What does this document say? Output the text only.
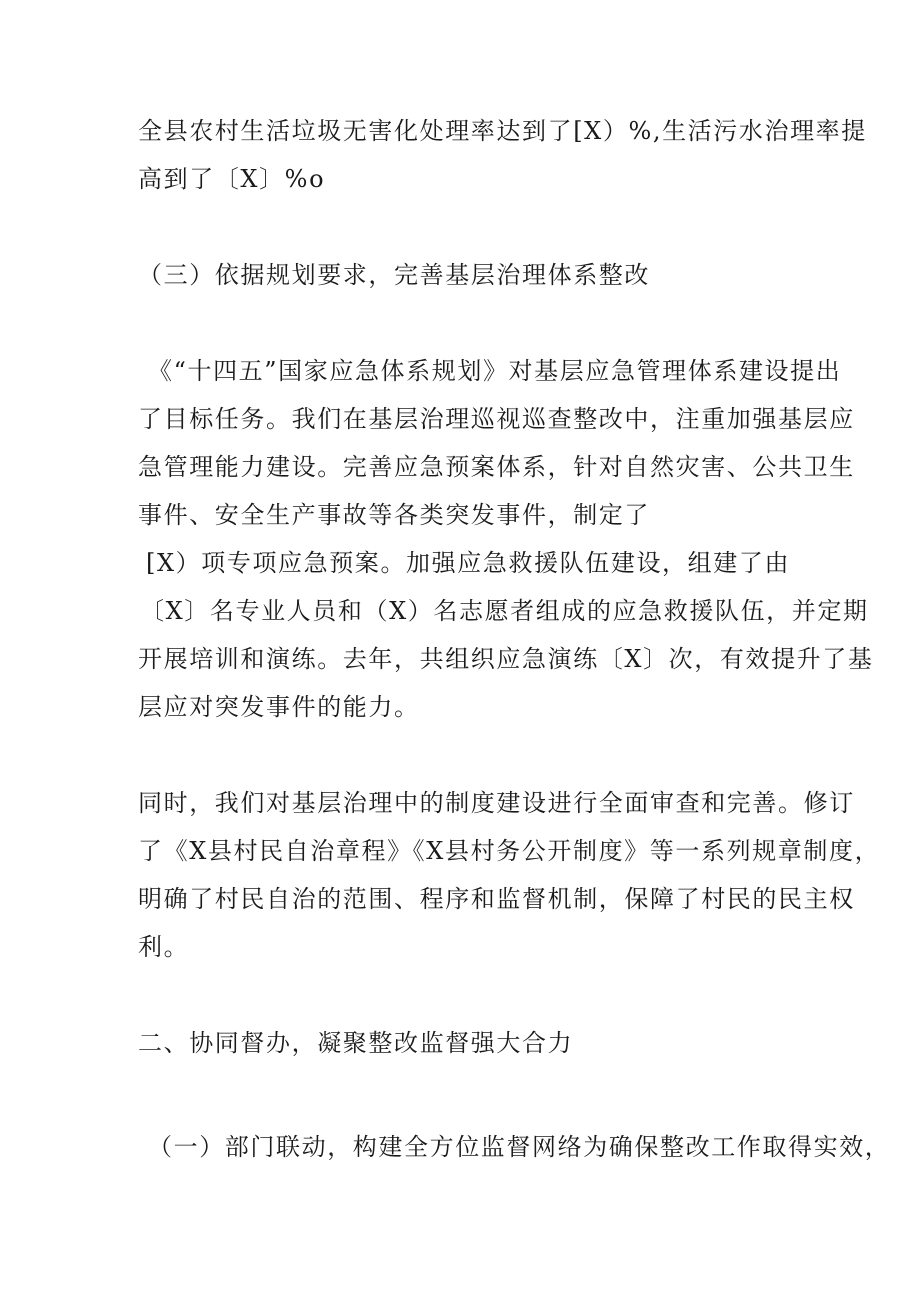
全县农村生活垃圾无害化处理率达到了[X）%,生活污水治理率提
高到了〔X〕%o
（三）依据规划要求，完善基层治理体系整改
《“十四五”国家应急体系规划》对基层应急管理体系建设提出
了目标任务。我们在基层治理巡视巡查整改中，注重加强基层应
急管理能力建设。完善应急预案体系，针对自然灾害、公共卫生
事件、安全生产事故等各类突发事件，制定了
[X）项专项应急预案。加强应急救援队伍建设，组建了由
〔X〕名专业人员和（X）名志愿者组成的应急救援队伍，并定期
开展培训和演练。去年，共组织应急演练〔X〕次，有效提升了基
层应对突发事件的能力。
同时，我们对基层治理中的制度建设进行全面审查和完善。修订
了《X县村民自治章程》《X县村务公开制度》等一系列规章制度，
明确了村民自治的范围、程序和监督机制，保障了村民的民主权
利。
二、协同督办，凝聚整改监督强大合力
（一）部门联动，构建全方位监督网络为确保整改工作取得实效，
